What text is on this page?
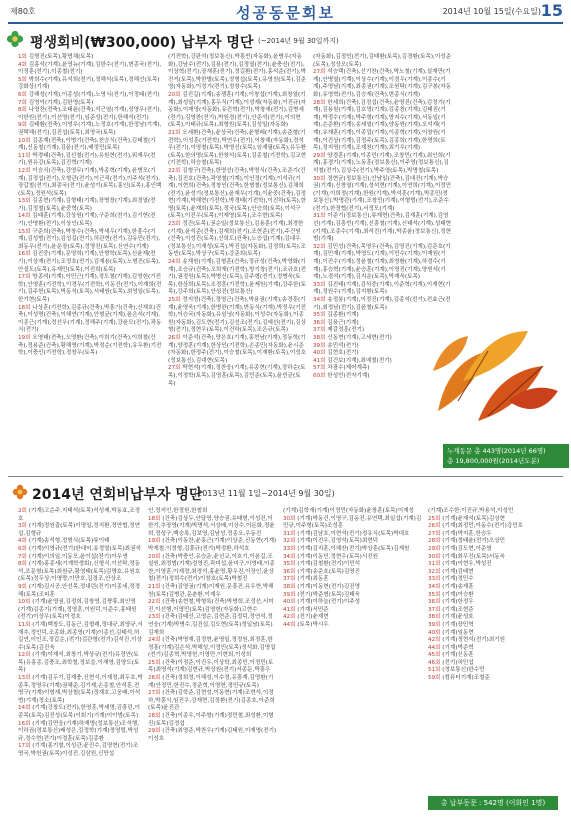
제80호	성공동문회보	2014년 10월 15일(수요일) 15
평생회비(₩300,000) 납부자 명단 (~2014년 9월 30일까지)

1회 김형진(토목),황명채(토목)

4회 김홍석(기계),윤영뉴(기계),김한수(전기),변종국(전기),이정훈(전기),이종철(전기)

5회 박희수(기계),유석희(전기),정해석(토목),정해선(토목)강화상(기계)

6회 강해성(기계),이종성(기계),노영식(전기),이정태(전기)

7회 김영익(기계),김한영(토목)

8회 나영찬(전축),조태윤(건축),석근열(기계),성영우(전기),이한원(전기),이선영(전기),임준성(전기),한해석(전기)

9회 김태환(전축),이영우(기계),노정호(기계),한정남(기계),권택해(전기),김진섭(토목),최영국(토목)

10회 김종재(전축),이병기(건축),천승식(건축),김태철(기계),신동철(기계),김윤(전기),배정민(토목)

11회 박경태(건축),김선철(전기),유원현(전기),위재우(전기),원유강(토목),김진혁(기계)

12회 이승식(건축),강영무(기계),박종혁(기계),윤병모(기계),김정섭(전기),오형관(전기),이근직(전기),이주석(전기),장갑철(전기),최종국(전기),윤성기(토목),홍인(토목),홍인백(토목),정원석(토목)

13회 김종현(기계),김형태(기계),장병창(기계),최경열(전기),김정철(토목),윤중혁(토목)

14회 김태훈(기계),강상원(기계),구준희(전기),김기현(전기),안명환(전기),이상인(토목)

15회 구준희(건축),박창수(건축),박세우(기계),한흥수(기계),김성범(전기),김성길(전기),허관현(전기),김유민(전기),최동우(전기),윤운장(토목),정영진(토목),신연수(기계)

16회 김진중(기계),문영희(기계),안형학(토목),신윤재(전기),이상재(전기),조정호(전기),김재용(토목),노형진(토목),안설도(토목),유재민(토목),이진희(토목)

17회 방종석(기계),이민근(기계),정도철(기계),김영헌(기전학),안영훈(기전학),이경우(기전학),이동진(전기),이재희(전기),김주헌(토목),박동석(토목),서태원(토목),최영일(토목),한기현(토목)

18회 나상훈(기전학),김종규(건축),박흥기(건축),신재호(건축),이성명(건축),이해연(기계),안형균(기계),윤은석(기계),이종근(기계),정선우(기계),정해주(기계),강윤모(전기),곽동식(전기)

19회 오영태(전축),오영환(건축),이희기(건축),이희철(건축),정용준(건축),황해영(기계),박정순(기전학),유두환(기전학),이충인(기전학),경창우(토목)

(기전학),강판석(정보통신),박흥빈(자동화),윤병우(자동화),강남수(전기),김용(전기),김정열(전기),윤충선(전기),이상혁(전기),장재훈(전기),정길환(전기),홍석준(전기),박진거(토목),박한별(토목),정형섭(토목),유영천(토목),김준영(자동화),이정기(전기),정창수(토목)

20회 김진길(기계),송쟁훈(기계),이창섭(기계),최창열(기계),최성달(기계),홍두식(기계),이성재(자동화),이진규(자동화),이재영(자동화),유진혁(전기),박창세(전기),김병세(전기),김영찬(전기),박원경(전기),안준석(전기),이의현(토목),이태규(토목),최형원(토목),김성일(자동화)

21회 오세환(건축),윤상국(건축),윤형래(기계),송준형(기전학),이성훈(기전학),박연우(전기),이창해(자동화),정석우(전기),이영철(토목),박영신(토목),임재필(토목),유두환(토목),한의명(토목),한창석(토목),김종철(기전학),김교현(기전학),하승철(토목)

22회 김형구(건축),한명선(건축),박명식(건축),조준기(건축),김진호(건축),곽영철(기계),이인정(기계),이석규(기계),이현희(건축),정창인(건축),한형철(정보통신),김채희(전기),윤성기(정보통신),윤재우(기계),이윤중(건축),김정현(기계),박해현(기전학),박경태(기전학),이진하(토목),한명(토목),윤재희(토목),정국(토목),안승희(토목),이석구(토목),이진우(토목),이재영(토목),조수현(토목)

23회 정진(토목),권순일(정보통신),김용훈(기계),최경한(기계),윤석준(건축),김재희(전기),조현준(전기),주건원(건축),이성진(토목),신희도(건축),노승섭(기계),김대우(정보통신),이재성(토목),박진섭(자동화),김경희(토목),조동빈(토목),박상구(토목),강준희(토목)

24회 송재원(기계),김형훈(건축),정규성(건축),박영화(기계),조승규(건축),오희재(기전학),방기창(전기),조규호(전기),권정원(토목),박병신(토목),김주형(전기),정병욱(토목),한상희(토목),조경훈(기전학),윤제원(기계),강주한(토목),강주희(토목),안성진(정보통신)

25회 정지영(건축),정영근(건축),박용권(기계),송경훈(기계),윤영욱(기계),한병완(기계),변동식(기계),박정우(기전학),이승국(자동화),유임녕(자동화),이성수(자동화),이종원(자동화),김도현(전기),김선조(전기),김예선(전기),김상형(전기),정현우(토목),이건하(토목),조은규(토목)

26회 이준석(건축),양은호(기계),홍현남(기계),정동혁(기계),양정훈(기계),한상인(기전학),손종민(자동화),윤시준(자동화),한정주(전기),이승철(토목),이재환(토목),이성호(정보통신),김대현(토목)

27회 박현석(기계),정찬웅(기계),유종현(기계),정하순(토목),이정학(토목),김영훈(토목),김민준(토목),윤민균(토목)

(자동화),김정민(전기),김태환(토목),김경환(토목),이성준(토목),정상오(토목)

27회 석승택(건축),신기찬(건축),박노철(기계),설재만(기계),안병열(기계),이상수(기계),이정우(기계),이종수(기계),주영남(기계),최종권(기계),조원탁(기계),김구봉(자동화),유영혁(전기),김승재(건축),변종식(기계)

28회 한세희(건축),김정섭(건축),윤영진(건축),김정기(기계),김용원(기계),김호영(기계),김종천(기계),김태진(기계),박정수(기계),박주형(기계),방지수(기계),서동일(기계),손준환(기계),송세열(기계),양동원(기계),오석재(기계),유재훈(기계),이종업(기계),이종혁(기계),이창원(기계),이진상(기계),김정주(토목),김종희(기계),한명희(토목),정지영(기계),조재천(기계),최기우(기계)

29회 양경훈(기계),이종민(기계),조창민(기계),최인희(기계),홍경기(기계),노동훈(정보통신),이주영(정보통신),김석철(전기),김상수(전기),박주영(토목),박명철(토목)

30회 정현균(정보통신),안남일(건축),김대진(기계),박승권(기계),신창열(기계),성석현(기계),이연희(기계),이정민(기계),이희정(기계),한원(기계),박석훈(기계),박종민(정보통신),박명관(기계),조창민(기계),이형범(전기),조준수(전기),한정협(전기),서정모(기계)

31회 이준기(정보통신),류재현(건축),김재훈(기계),김영선(기계),김흥빈(기계),신흥철(기계),신태석(기계),성태현(기계),조종수(기계),최석진(기계),박종윤(정보통신),정현범(기계)

32회 김민성(건축),목영우(건축),김영진(기계),김준호(기계),김민재(기계),박영도(기계),이민수(기계),이재원(기계),이진수(기계),정윤철(기계),최영환(기계),하정수(기계),홍승혁(기계),윤승훈(기계),이영진(기계),양원석(기계),노경석(기계),김지운(토목),박재욱(토목)

33회 김진태(기계),김석중(기계),이준혁(기계),이재현(기계),정원수(기계),김지환(토목)

34회 송정봉(기계),이정진(기계),김종석(전기),전효근(전기),최정남(전기),김윤철(토목)

35회 김종환(기계)

36회 김용근(기계)

37회 제갈정훈(전기)

38회 신동현(기계),고세현(전기)

39회 송민석(전기)

40회 김현호(전기)

41회 김건보(기계),최예철(전기)

57회 차광수(제어계측)

60회 한성민(전자기계)

누계동문 총 443명(2014년 66명)
총 19,800,000원(2014년도분)
2014년 연회비납부자 명단
(2013년 11월 1일~2014년 9월 30일)

2회 (기계)고순주,지태석(토목)석성제,박동효,조정호

3회 (기계)정원출(토목)이명일,정지환,정연협,정연섭,김형규

4회 (기계)송석형,정형식(토목)류이태

6회 (기계)이영규(전기)한대익,송정열(토목)최권석

7회 (기계)이의일,이동모,윤이섭(전기)이우생

8회 (기계)홍종세(기계학생회),신형식,이선탁,정동석,조문형(토목)최원규,황영태(토목)김명호,유원호(토목)정두상,이영랑,이만호,김경조,안상조

9회 (기계)김시공,안선목,정내린(전기)이종세,정경해(토목)조피훈

10회 (기계)윤영권,김정희,김창영,김쨩휴,최인영(기계)김종기(기계),정영훈,이원덕,이준수,홍태원(전기)이상우(토목)이정호

11회 (기계)백창도,김동근,김형래,정대규,최양규,서재추,정인덕,조종화,최종영(기계)이종선,김태석,허길연,이인조,정갑순,(전기)김관형(전기)김석진,이상수(토목)김진욱

12회 (기계)이재석,최창기,박상규(전기)유정연(토목)유홍종,김충조,최학철,정보을,이재영,김양도(토목)

13회 (기계)김두기,김재충,신현식,이재정,최두호,박종후,정영우(기계)권혜준,김기제,손종철,안석훈,전명구(기계)이형재,박상철(토목)정재호,고웅배,이석범(기계)정소(토목)

14회 (기계)강창도(전기),한영훈,박세명,김흥린,이종목(토목)김진성(토목)이회기(기계)이이범(토목)

16회 (기계)김면웅(기계)하재명(정보통신)조석행,이하권(정보통신)배성은,김정학(기계)정영렬,박성규,정수현(전기)이정훈(토목)김종환

17회 (기계)홍기철,이성관,윤진수,김영현(전기)조명국,박헌권(토목)이성진,김삼원,신만섭

인,정지인,한정원,한철희

18회 (건축)김상두,안달영,양승권,유태형,이성진,이한기,추장영(기계)박명석,서상배,이상수,이돈화,정윤희,정성구,백승록,김보영,김남성,정종오,우동진

19회 (건축)이동찬,윤홍근(기계)이상준,신동현(기계)박재철,이정형,김흥규(전기)박정환,하석호

20회 (건축)박충인,유승운,윤선교,이호기,이윤길,조설원,최정범(기계)정영진,곽미섭,윤미구,이영태,이종찬,이영훈,이재정,최경석,홍윤명,황우진,이장인,윤상철(전기)정희수(전기)이창호(토목)박철진

21회 (건축)김영권(기계)이재원,문흥진,유우현,박해천(토목)김병관,문춘환,이재우

22회 (건축)송현철,박형록(건축)박명희,조정선,서미진,이선행,이영민(토목)김영헌(자동화)고현수

23회 (건축)김태선,고영순,김현준,김정덕,정연석,정연웅(기계)박병수,김진섭,김도현(토목)정일남(토목)김재희

24회 (건축)박명재,김정현,윤영일,정정원,최정훈,한정흥(기계)김은석,박해성,이정민(토목)정석화,김명섭(전기)김종혁,박영헌,이영만,이현희,이성희

25회 (건축)이정준,이진우,이상학,최종민,이정민(토목)최영석(기계)김현규,박상원(전기)서종문,박흥우

26회 (건축)정희정,이해성,이수정,유흥재,김영환(기계)안정민,한진수,정준혁,이영헌,정민규(토목)

27회 (건축)김학준,김현성,이동현(기계)조현석,이정하,박흥식,임진우,강재현,김정환(전기)김종호,이준희(토목)윤진관

28회 (건축)이종우,이주형(기계)정민철,최성환,이형진(토목)김정섭

29회 (건축)최영준,박찬우(기계)김태원,이재영(전기)이성호

(기계)김학재(기계)이정민(자동화)윤창훈(토목)이재성

30회 (기계)박동건,이영구,김동진,유연택,최일섭(기계)김민규,이주형(토목)조성훈

31회 (기계)김남호,이현석(전기)정유식(토목)박대호

32회 (기계)이진우,김영석(토목)최현덕

33회 (기계)김지훈,이해찬(전기)박상훈(토목)김재원

34회 (기계)이동민,정현우(토목)서진원

35회 (기계)김철환(전기)이민석

36회 (기계)송준호(토목)김영진

37회 (기계)최동훈

38회 (기계)이동현(전기)김진영

39회 (전기)박준형(토목)김태욱

40회 (기계)이하늘(전기)이주성

41회 (기계)서민준

42회 (전기)윤재현

44회 (토목)박시우

(기계)조수한,이진규,박용석,이성민

25회 (기계)윤재석(토목)김상현

26회 (기계)최정민,이동수(전기)강민호

27회 (기계)박지훈,한승우

28회 (기계)정태윤(전기)오상민

29회 (기계)김도현,이준영

30회 (기계)최우진(토목)서동욱

31회 (기계)이현우,박성진

32회 (기계)김태현

33회 (기계)정민수

34회 (기계)송재훈

35회 (기계)이승환

36회 (기계)한정우

37회 (기계)조현준

38회 (기계)윤성호

39회 (기계)장민혁

40회 (기계)임동현

42회 (기계)정현석(전기)최기원

44회 (기계)박준혁

45회 (기계)신동훈

46회 (전기)허민섭

51회 (정보통신)한수민

59회 (컴퓨터기계)조철준

총 납부동문 : 542명 (이화인 1명)
